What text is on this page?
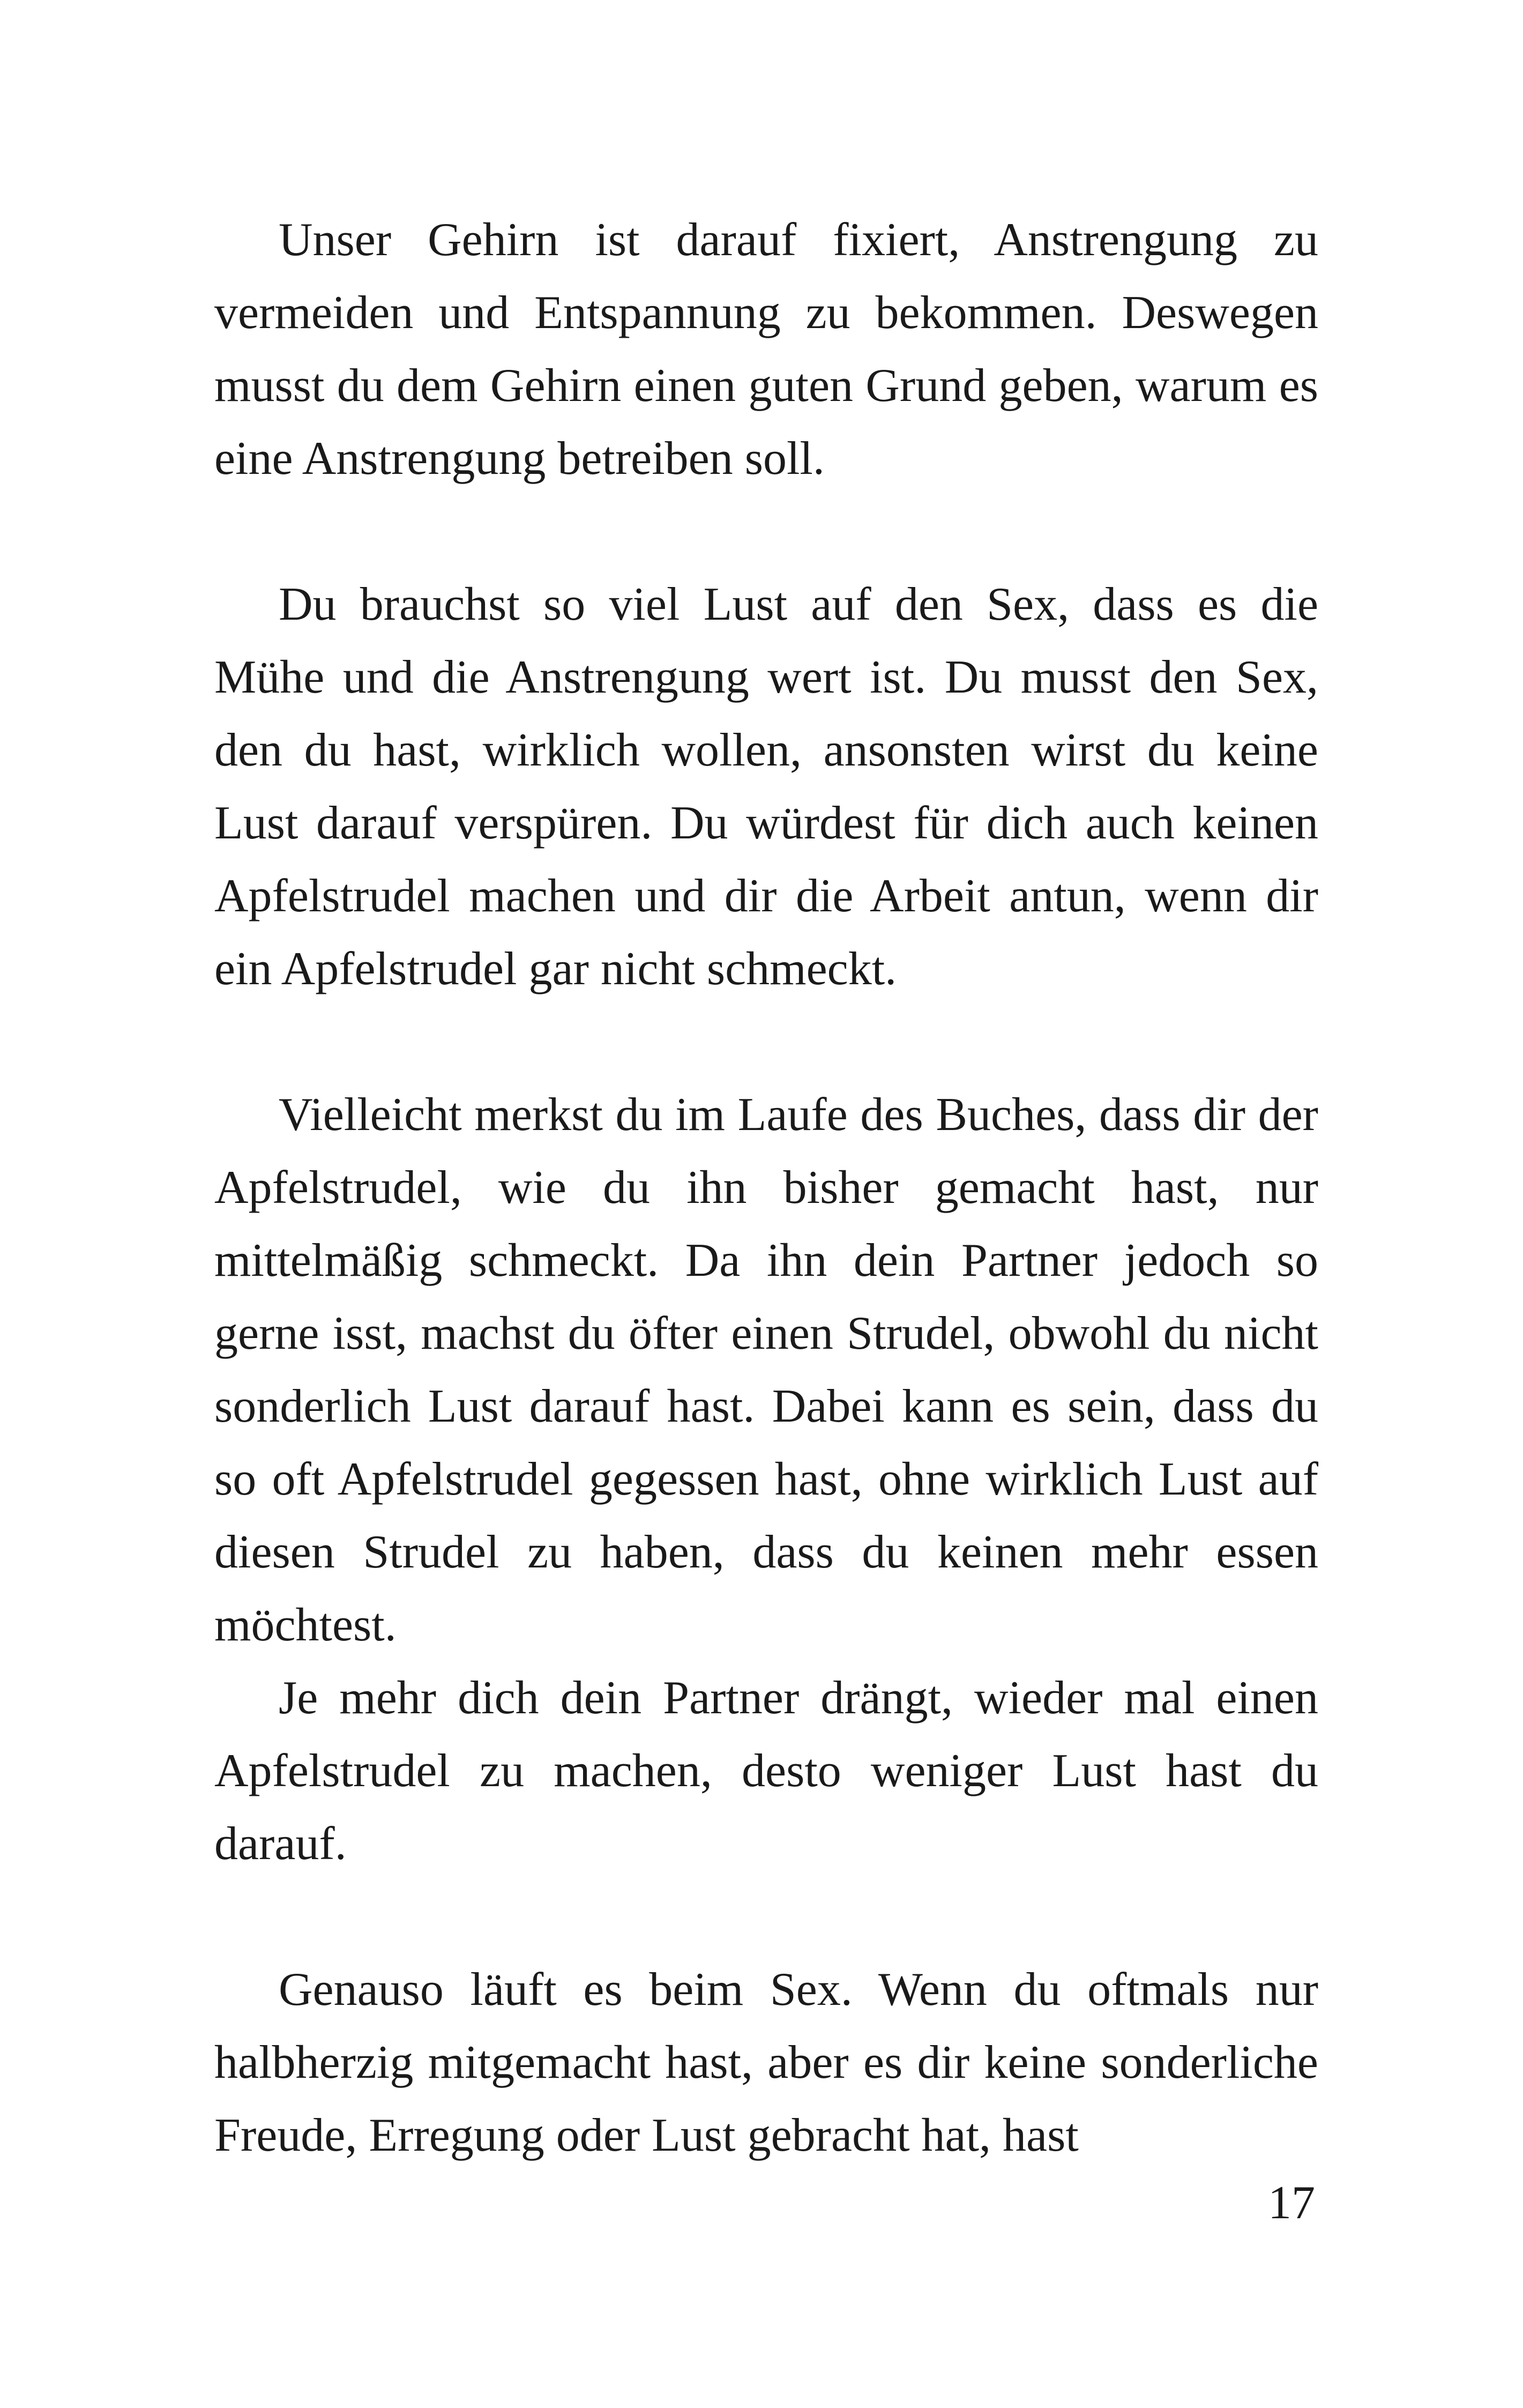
Unser Gehirn ist darauf fixiert, Anstrengung zu vermeiden und Entspannung zu bekommen. Deswegen musst du dem Gehirn einen guten Grund geben, warum es eine Anstrengung betreiben soll.

Du brauchst so viel Lust auf den Sex, dass es die Mühe und die Anstrengung wert ist. Du musst den Sex, den du hast, wirklich wollen, ansonsten wirst du keine Lust darauf verspüren. Du würdest für dich auch keinen Apfelstrudel machen und dir die Arbeit antun, wenn dir ein Apfelstrudel gar nicht schmeckt.

Vielleicht merkst du im Laufe des Buches, dass dir der Apfelstrudel, wie du ihn bisher gemacht hast, nur mittelmäßig schmeckt. Da ihn dein Partner jedoch so gerne isst, machst du öfter einen Strudel, obwohl du nicht sonderlich Lust darauf hast. Dabei kann es sein, dass du so oft Apfelstrudel gegessen hast, ohne wirklich Lust auf diesen Strudel zu haben, dass du keinen mehr essen möchtest.

Je mehr dich dein Partner drängt, wieder mal einen Apfelstrudel zu machen, desto weniger Lust hast du darauf.

Genauso läuft es beim Sex. Wenn du oftmals nur halbherzig mitgemacht hast, aber es dir keine sonderliche Freude, Erregung oder Lust gebracht hat, hast

17
